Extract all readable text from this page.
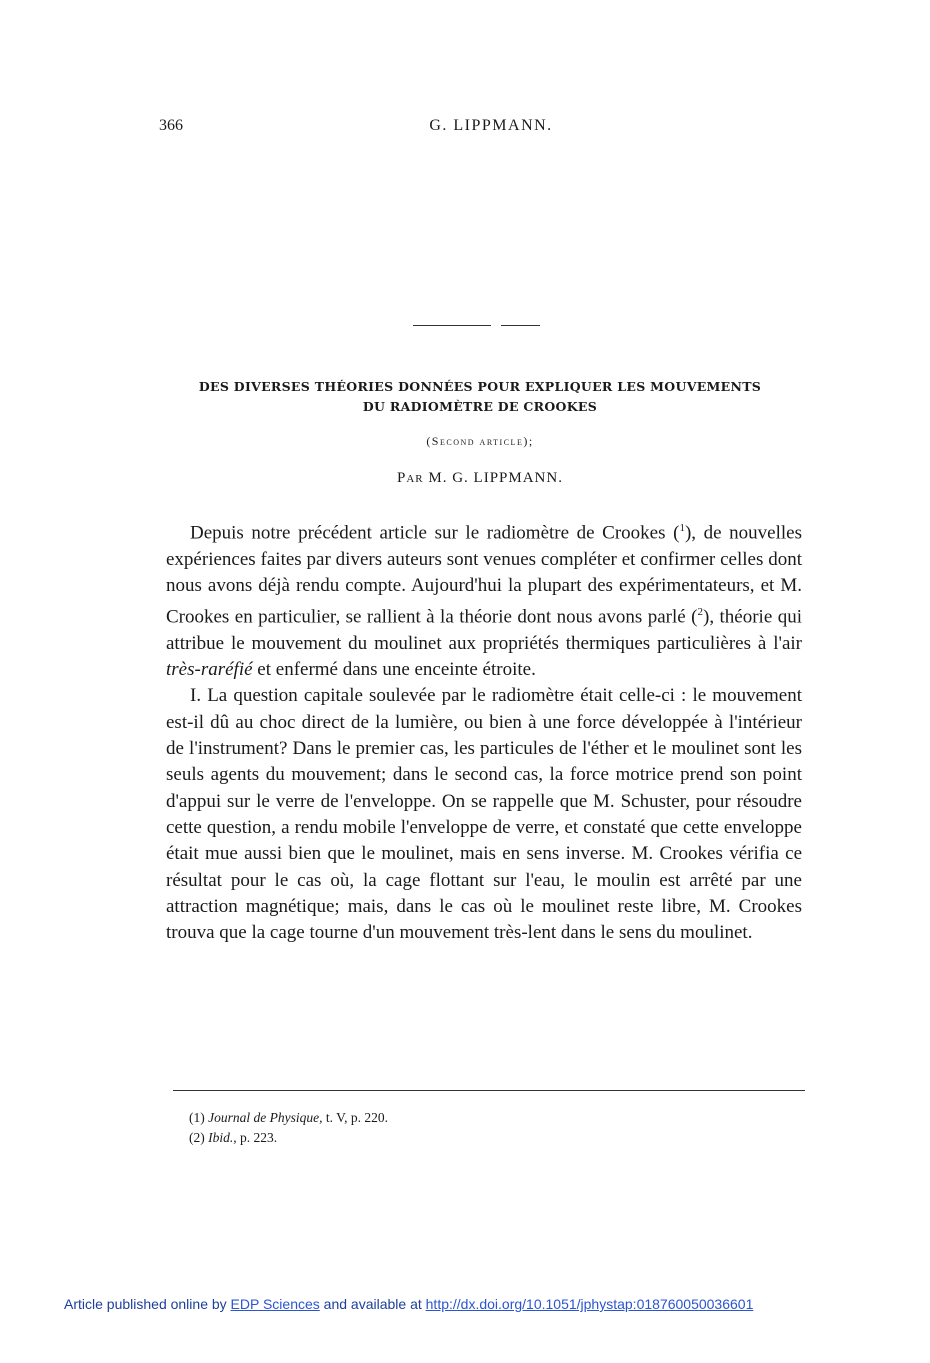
366	G. LIPPMANN.
DES DIVERSES THÉORIES DONNÉES POUR EXPLIQUER LES MOUVEMENTS
DU RADIOMÈTRE DE CROOKES
(Second article);
Par M. G. LIPPMANN.

Depuis notre précédent article sur le radiomètre de Crookes ($^1$), de nouvelles expériences faites par divers auteurs sont venues compléter et confirmer celles dont nous avons déjà rendu compte. Aujourd'hui la plupart des expérimentateurs, et M. Crookes en particulier, se rallient à la théorie dont nous avons parlé ($^2$), théorie qui attribue le mouvement du moulinet aux propriétés thermiques particulières à l'air très-raréfié et enfermé dans une enceinte étroite.

I. La question capitale soulevée par le radiomètre était celle-ci : le mouvement est-il dû au choc direct de la lumière, ou bien à une force développée à l'intérieur de l'instrument? Dans le premier cas, les particules de l'éther et le moulinet sont les seuls agents du mouvement; dans le second cas, la force motrice prend son point d'appui sur le verre de l'enveloppe. On se rappelle que M. Schuster, pour résoudre cette question, a rendu mobile l'enveloppe de verre, et constaté que cette enveloppe était mue aussi bien que le moulinet, mais en sens inverse. M. Crookes vérifia ce résultat pour le cas où, la cage flottant sur l'eau, le moulin est arrêté par une attraction magnétique; mais, dans le cas où le moulinet reste libre, M. Crookes trouva que la cage tourne d'un mouvement très-lent dans le sens du moulinet.

(1) Journal de Physique, t. V, p. 220.
(2) Ibid., p. 223.
Article published online by EDP Sciences and available at http://dx.doi.org/10.1051/jphystap:018760050036601
